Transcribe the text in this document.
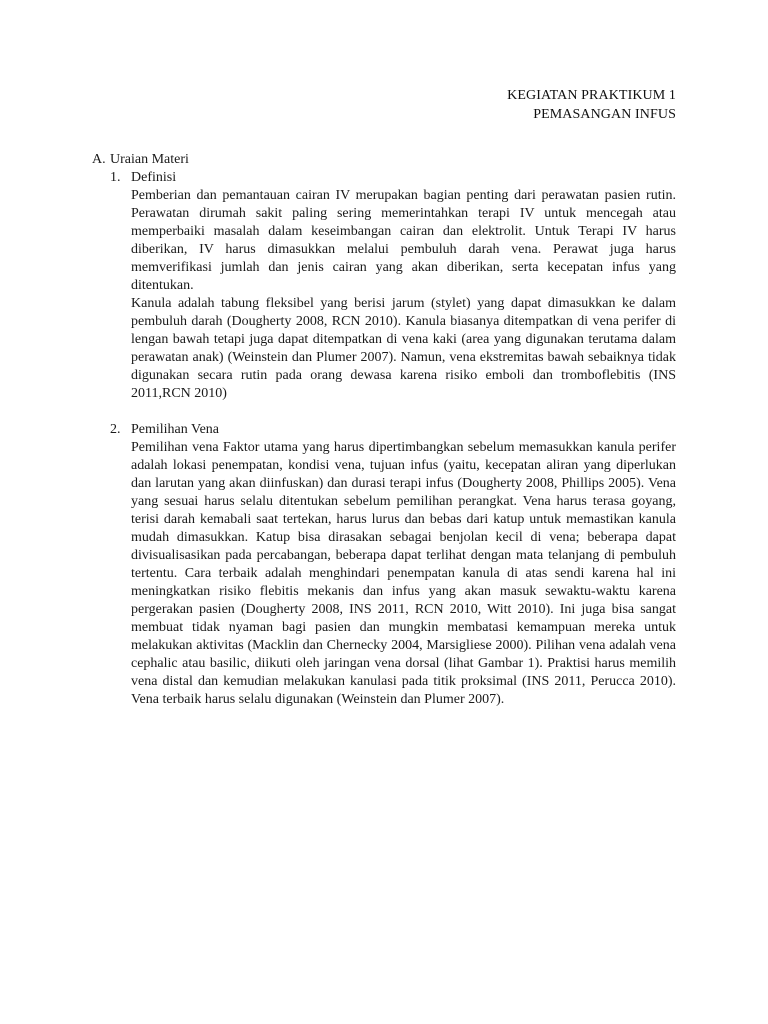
KEGIATAN PRAKTIKUM 1
PEMASANGAN INFUS
A. Uraian Materi
1. Definisi

Pemberian dan pemantauan cairan IV merupakan bagian penting dari perawatan pasien rutin. Perawatan dirumah sakit paling sering memerintahkan terapi IV untuk mencegah atau memperbaiki masalah dalam keseimbangan cairan dan elektrolit. Untuk Terapi IV harus diberikan, IV harus dimasukkan melalui pembuluh darah vena. Perawat juga harus memverifikasi jumlah dan jenis cairan yang akan diberikan, serta kecepatan infus yang ditentukan.

Kanula adalah tabung fleksibel yang berisi jarum (stylet) yang dapat dimasukkan ke dalam pembuluh darah (Dougherty 2008, RCN 2010). Kanula biasanya ditempatkan di vena perifer di lengan bawah tetapi juga dapat ditempatkan di vena kaki (area yang digunakan terutama dalam perawatan anak) (Weinstein dan Plumer 2007). Namun, vena ekstremitas bawah sebaiknya tidak digunakan secara rutin pada orang dewasa karena risiko emboli dan tromboflebitis (INS 2011,RCN 2010)

2. Pemilihan Vena

Pemilihan vena Faktor utama yang harus dipertimbangkan sebelum memasukkan kanula perifer adalah lokasi penempatan, kondisi vena, tujuan infus (yaitu, kecepatan aliran yang diperlukan dan larutan yang akan diinfuskan) dan durasi terapi infus (Dougherty 2008, Phillips 2005). Vena yang sesuai harus selalu ditentukan sebelum pemilihan perangkat. Vena harus terasa goyang, terisi darah kemabali saat tertekan, harus lurus dan bebas dari katup untuk memastikan kanula mudah dimasukkan. Katup bisa dirasakan sebagai benjolan kecil di vena; beberapa dapat divisualisasikan pada percabangan, beberapa dapat terlihat dengan mata telanjang di pembuluh tertentu. Cara terbaik adalah menghindari penempatan kanula di atas sendi karena hal ini meningkatkan risiko flebitis mekanis dan infus yang akan masuk sewaktu-waktu karena pergerakan pasien (Dougherty 2008, INS 2011, RCN 2010, Witt 2010). Ini juga bisa sangat membuat tidak nyaman bagi pasien dan mungkin membatasi kemampuan mereka untuk melakukan aktivitas (Macklin dan Chernecky 2004, Marsigliese 2000). Pilihan vena adalah vena cephalic atau basilic, diikuti oleh jaringan vena dorsal (lihat Gambar 1). Praktisi harus memilih vena distal dan kemudian melakukan kanulasi pada titik proksimal (INS 2011, Perucca 2010). Vena terbaik harus selalu digunakan (Weinstein dan Plumer 2007).
